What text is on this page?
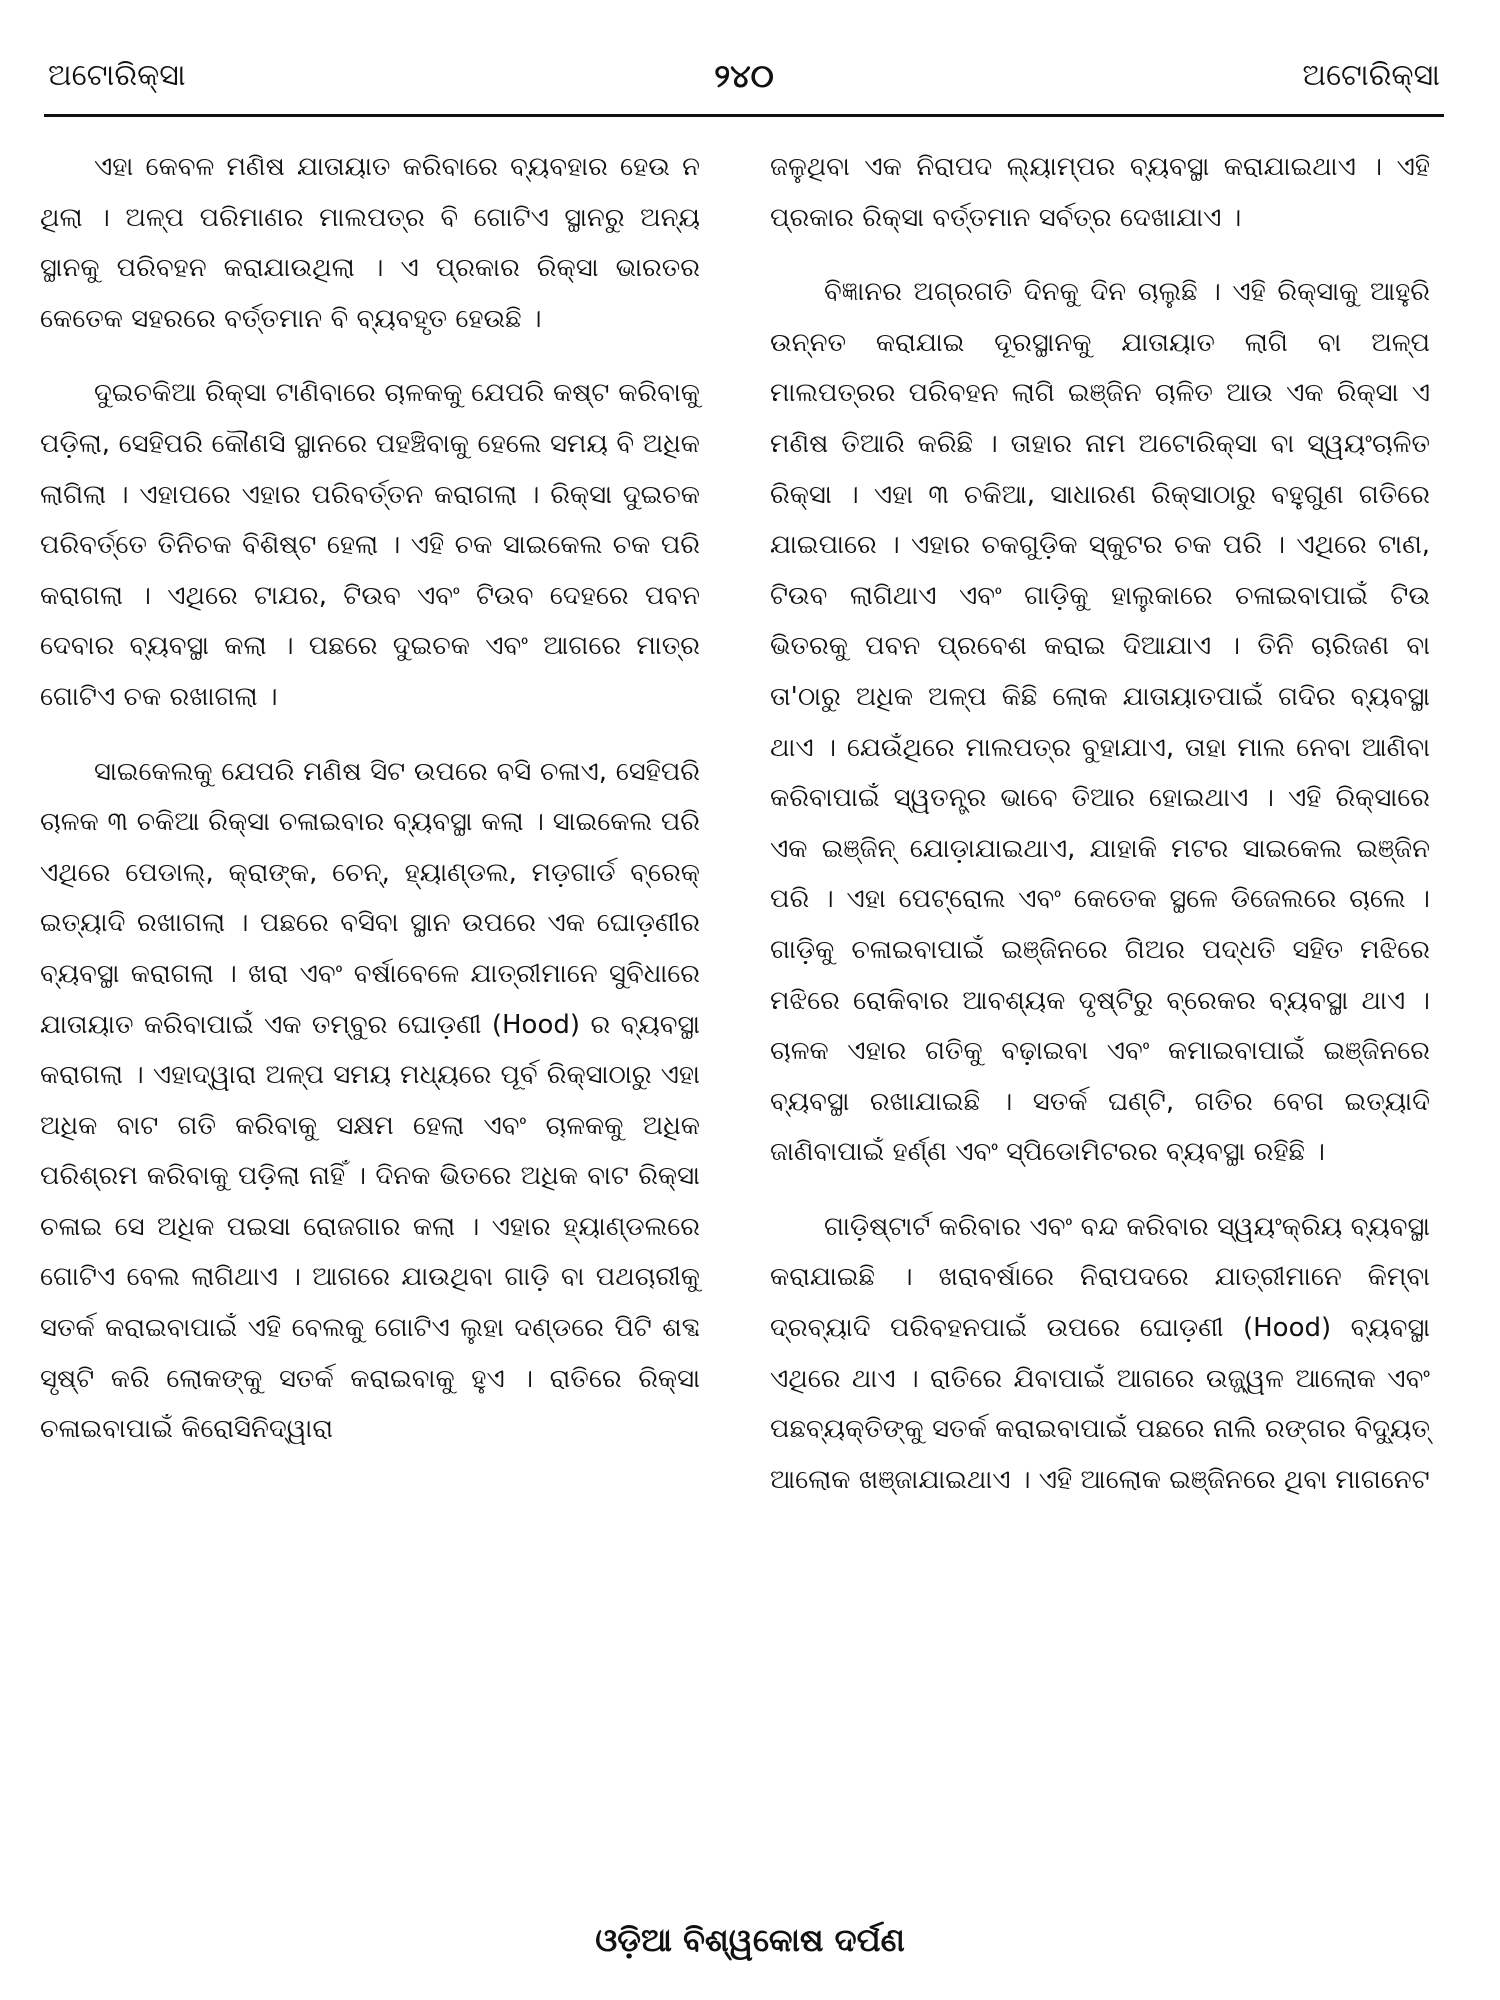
ଅଟୋରିକ୍‌ସା	୨୪୦	ଅଟୋରିକ୍‌ସା

ଏହା କେବଳ ମଣିଷ ଯାତାୟାତ କରିବାରେ ବ୍ୟବହାର ହେଉ ନ ଥିଲା । ଅଳ୍ପ ପରିମାଣର ମାଲପତ୍ର ବି ଗୋଟିଏ ସ୍ଥାନରୁ ଅନ୍ୟ ସ୍ଥାନକୁ ପରିବହନ କରାଯାଉଥିଲା । ଏ ପ୍ରକାର ରିକ୍‌ସା ଭାରତର କେତେକ ସହରରେ ବର୍ତ୍ତମାନ ବି ବ୍ୟବହୃତ ହେଉଛି ।

ଦୁଇଚକିଆ ରିକ୍‌ସା ଟାଣିବାରେ ଚାଳକକୁ ଯେପରି କଷ୍ଟ କରିବାକୁ ପଡ଼ିଲା, ସେହିପରି କୌଣସି ସ୍ଥାନରେ ପହଞ୍ଚିବାକୁ ହେଲେ ସମୟ ବି ଅଧିକ ଲାଗିଲା । ଏହାପରେ ଏହାର ପରିବର୍ତ୍ତନ କରାଗଲା । ରିକ୍‌ସା ଦୁଇଚକ ପରିବର୍ତ୍ତେ ତିନିଚକ ବିଶିଷ୍ଟ ହେଲା । ଏହି ଚକ ସାଇକେଲ ଚକ ପରି କରାଗଲା । ଏଥିରେ ଟାଯର, ଟିଉବ ଏବଂ ଟିଉବ ଦେହରେ ପବନ ଦେବାର ବ୍ୟବସ୍ଥା କଲା । ପଛରେ ଦୁଇଚକ ଏବଂ ଆଗରେ ମାତ୍ର ଗୋଟିଏ ଚକ ରଖାଗଲା ।

ସାଇକେଲକୁ ଯେପରି ମଣିଷ ସିଟ ଉପରେ ବସି ଚଳାଏ, ସେହିପରି ଚାଳକ ୩ ଚକିଆ ରିକ୍‌ସା ଚଳାଇବାର ବ୍ୟବସ୍ଥା କଲା । ସାଇକେଲ ପରି ଏଥିରେ ପେଡାଲ୍‌, କ୍ରାଙ୍କ, ଚେନ୍‌, ହ୍ୟାଣ୍ଡଲ, ମଡ଼ଗାର୍ଡ ବ୍ରେକ୍‌ ଇତ୍ୟାଦି ରଖାଗଲା । ପଛରେ ବସିବା ସ୍ଥାନ ଉପରେ ଏକ ଘୋଡ଼ଣୀର ବ୍ୟବସ୍ଥା କରାଗଲା । ଖରା ଏବଂ ବର୍ଷାବେଳେ ଯାତ୍ରୀମାନେ ସୁବିଧାରେ ଯାତାୟାତ କରିବାପାଇଁ ଏକ ତମ୍ବୁର ଘୋଡ଼ଣୀ (Hood) ର ବ୍ୟବସ୍ଥା କରାଗଲା । ଏହାଦ୍ୱାରା ଅଳ୍ପ ସମୟ ମଧ୍ୟରେ ପୂର୍ବ ରିକ୍‌ସାଠାରୁ ଏହା ଅଧିକ ବାଟ ଗତି କରିବାକୁ ସକ୍ଷମ ହେଲା ଏବଂ ଚାଳକକୁ ଅଧିକ ପରିଶ୍ରମ କରିବାକୁ ପଡ଼ିଲା ନାହିଁ । ଦିନକ ଭିତରେ ଅଧିକ ବାଟ ରିକ୍‌ସା ଚଳାଇ ସେ ଅଧିକ ପଇସା ରୋଜଗାର କଲା । ଏହାର ହ୍ୟାଣ୍ଡଲରେ ଗୋଟିଏ ବେଲ ଲାଗିଥାଏ । ଆଗରେ ଯାଉଥିବା ଗାଡ଼ି ବା ପଥଚାରୀକୁ ସତର୍କ କରାଇବାପାଇଁ ଏହି ବେଲକୁ ଗୋଟିଏ ଲୁହା ଦଣ୍ଡରେ ପିଟି ଶବ୍ଦ ସୃଷ୍ଟି କରି ଲୋକଙ୍କୁ ସତର୍କ କରାଇବାକୁ ହୁଏ । ରାତିରେ ରିକ୍‌ସା ଚଳାଇବାପାଇଁ କିରୋସିନିଦ୍ୱାରା

ଜଳୁଥିବା ଏକ ନିରାପଦ ଲ୍ୟାମ୍ପର ବ୍ୟବସ୍ଥା କରାଯାଇଥାଏ । ଏହି ପ୍ରକାର ରିକ୍‌ସା ବର୍ତ୍ତମାନ ସର୍ବତ୍ର ଦେଖାଯାଏ ।

ବିଜ୍ଞାନର ଅଗ୍ରଗତି ଦିନକୁ ଦିନ ଚାଲୁଛି । ଏହି ରିକ୍‌ସାକୁ ଆହୁରି ଉନ୍ନତ କରାଯାଇ ଦୂରସ୍ଥାନକୁ ଯାତାୟାତ ଲାଗି ବା ଅଳ୍ପ ମାଲପତ୍ରର ପରିବହନ ଲାଗି ଇଞ୍ଜିନ ଚାଳିତ ଆଉ ଏକ ରିକ୍‌ସା ଏ ମଣିଷ ତିଆରି କରିଛି । ତାହାର ନାମ ଅଟୋରିକ୍‌ସା ବା ସ୍ୱୟଂଚାଳିତ ରିକ୍‌ସା । ଏହା ୩ ଚକିଆ, ସାଧାରଣ ରିକ୍‌ସାଠାରୁ ବହୁଗୁଣ ଗତିରେ ଯାଇପାରେ । ଏହାର ଚକଗୁଡ଼ିକ ସ୍କୁଟର ଚକ ପରି । ଏଥିରେ ଟାଣ, ଟିଉବ ଲାଗିଥାଏ ଏବଂ ଗାଡ଼ିକୁ ହାଲୁକାରେ ଚଳାଇବାପାଇଁ ଟିଉ ଭିତରକୁ ପବନ ପ୍ରବେଶ କରାଇ ଦିଆଯାଏ । ତିନି ଚାରିଜଣ ବା ତା'ଠାରୁ ଅଧିକ ଅଳ୍ପ କିଛି ଲୋକ ଯାତାୟାତପାଇଁ ଗଦିର ବ୍ୟବସ୍ଥା ଥାଏ । ଯେଉଁଥିରେ ମାଲପତ୍ର ବୁହାଯାଏ, ତାହା ମାଲ ନେବା ଆଣିବା କରିବାପାଇଁ ସ୍ୱତନ୍ତ୍ର ଭାବେ ତିଆର ହୋଇଥାଏ । ଏହି ରିକ୍‌ସାରେ ଏକ ଇଞ୍ଜିନ୍‌ ଯୋଡ଼ାଯାଇଥାଏ, ଯାହାକି ମଟର ସାଇକେଲ ଇଞ୍ଜିନ ପରି । ଏହା ପେଟ୍ରୋଲ ଏବଂ କେତେକ ସ୍ଥଳେ ଡିଜେଲରେ ଚାଲେ । ଗାଡ଼ିକୁ ଚଳାଇବାପାଇଁ ଇଞ୍ଜିନରେ ଗିଅର ପଦ୍ଧତି ସହିତ ମଝିରେ ମଝିରେ ରୋକିବାର ଆବଶ୍ୟକ ଦୃଷ୍ଟିରୁ ବ୍ରେକର ବ୍ୟବସ୍ଥା ଥାଏ । ଚାଳକ ଏହାର ଗତିକୁ ବଢ଼ାଇବା ଏବଂ କମାଇବାପାଇଁ ଇଞ୍ଜିନରେ ବ୍ୟବସ୍ଥା ରଖାଯାଇଛି । ସତର୍କ ଘଣ୍ଟି, ଗତିର ବେଗ ଇତ୍ୟାଦି ଜାଣିବାପାଇଁ ହର୍ଣ୍ଣ ଏବଂ ସ୍ପିଡୋମିଟରର ବ୍ୟବସ୍ଥା ରହିଛି ।

ଗାଡ଼ିଷ୍ଟାର୍ଟ କରିବାର ଏବଂ ବନ୍ଦ କରିବାର ସ୍ୱୟଂକ୍ରିୟ ବ୍ୟବସ୍ଥା କରାଯାଇଛି । ଖରାବର୍ଷାରେ ନିରାପଦରେ ଯାତ୍ରୀମାନେ କିମ୍ବା ଦ୍ରବ୍ୟାଦି ପରିବହନପାଇଁ ଉପରେ ଘୋଡ଼ଣୀ (Hood) ବ୍ୟବସ୍ଥା ଏଥିରେ ଥାଏ । ରାତିରେ ଯିବାପାଇଁ ଆଗରେ ଉଜ୍ଜ୍ୱଳ ଆଲୋକ ଏବଂ ପଛବ୍ୟକ୍ତିଙ୍କୁ ସତର୍କ କରାଇବାପାଇଁ ପଛରେ ନାଲି ରଙ୍ଗର ବିଦ୍ୟୁତ୍‌ ଆଲୋକ ଖଞ୍ଜାଯାଇଥାଏ । ଏହି ଆଲୋକ ଇଞ୍ଜିନରେ ଥିବା ମାଗନେଟ

ଓଡ଼ିଆ ବିଶ୍ୱକୋଷ ଦର୍ପଣ
